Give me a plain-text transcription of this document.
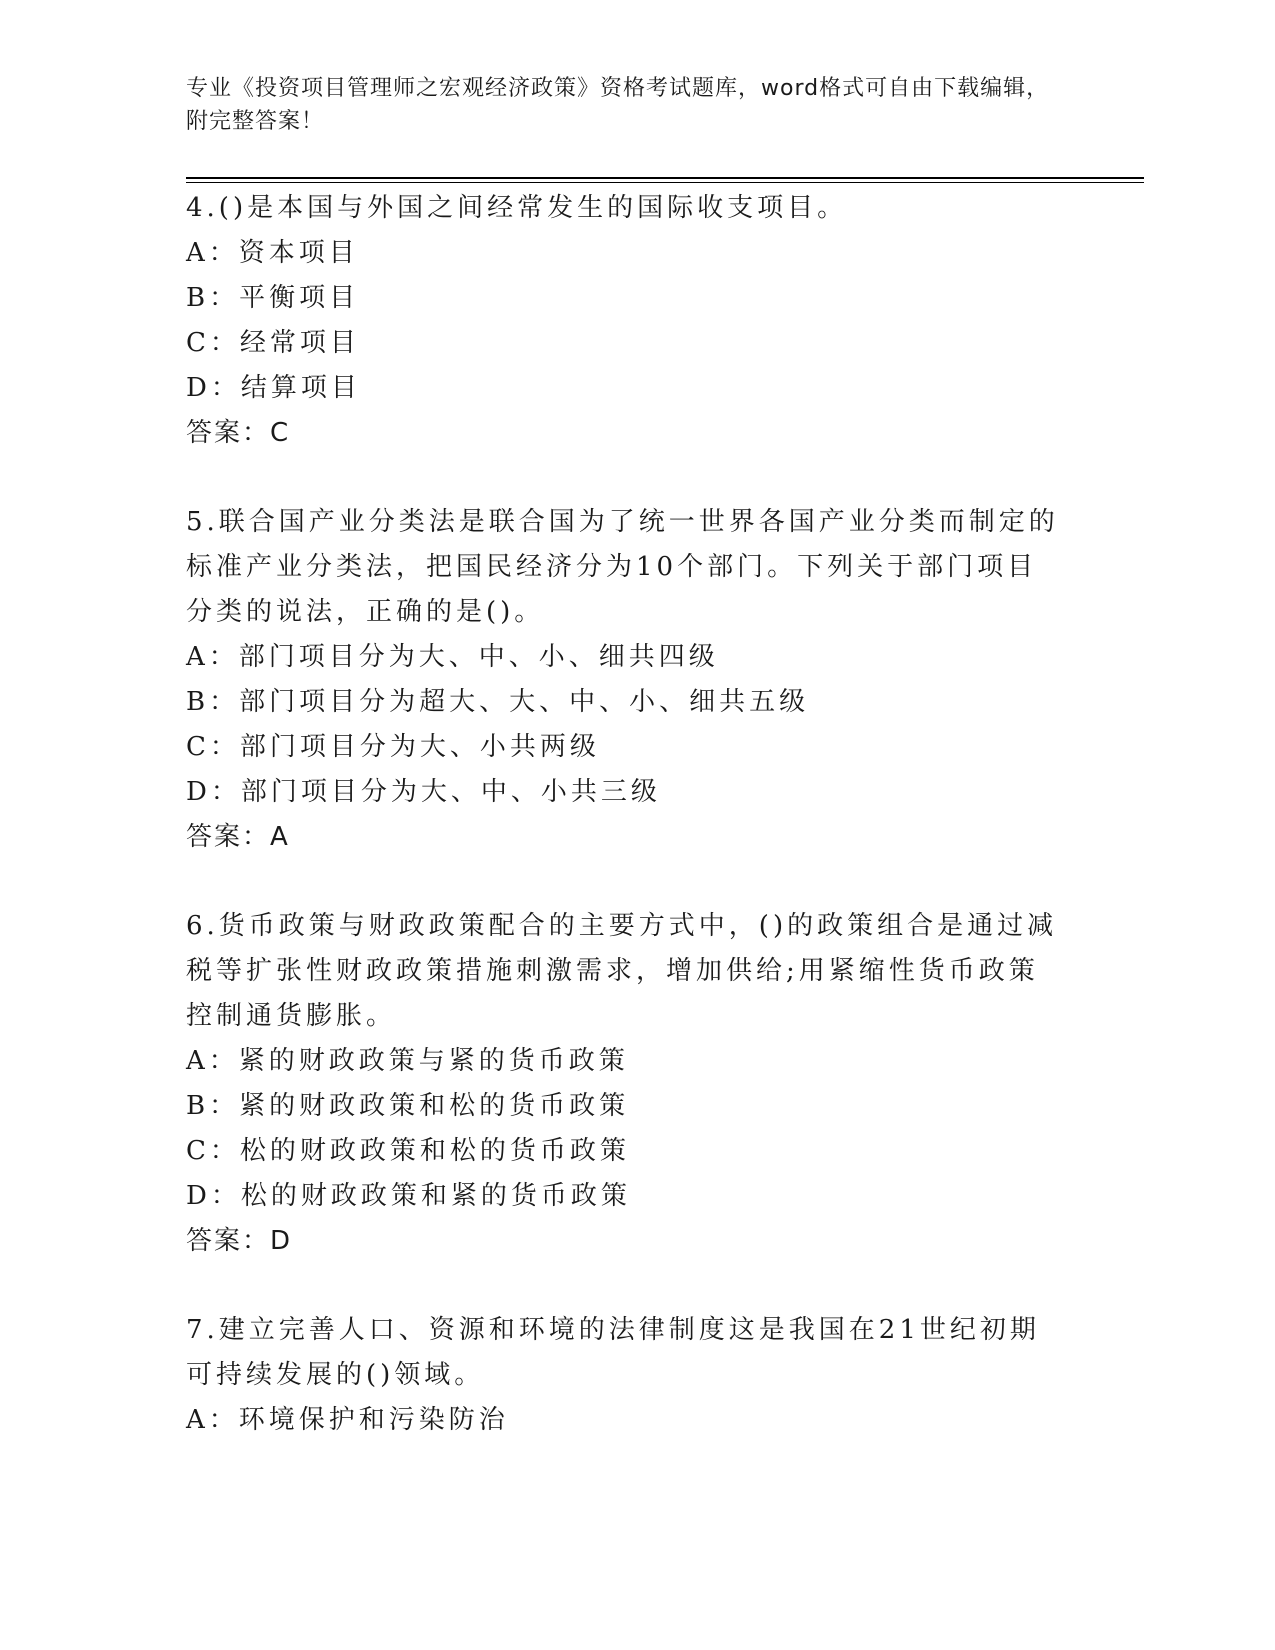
专业《投资项目管理师之宏观经济政策》资格考试题库，word格式可自由下载编辑，附完整答案！
4.()是本国与外国之间经常发生的国际收支项目。
A：资本项目
B：平衡项目
C：经常项目
D：结算项目
答案：C
5.联合国产业分类法是联合国为了统一世界各国产业分类而制定的标准产业分类法，把国民经济分为10个部门。下列关于部门项目分类的说法，正确的是()。
A：部门项目分为大、中、小、细共四级
B：部门项目分为超大、大、中、小、细共五级
C：部门项目分为大、小共两级
D：部门项目分为大、中、小共三级
答案：A
6.货币政策与财政政策配合的主要方式中，()的政策组合是通过减税等扩张性财政政策措施刺激需求，增加供给;用紧缩性货币政策控制通货膨胀。
A：紧的财政政策与紧的货币政策
B：紧的财政政策和松的货币政策
C：松的财政政策和松的货币政策
D：松的财政政策和紧的货币政策
答案：D
7.建立完善人口、资源和环境的法律制度这是我国在21世纪初期可持续发展的()领域。
A：环境保护和污染防治
